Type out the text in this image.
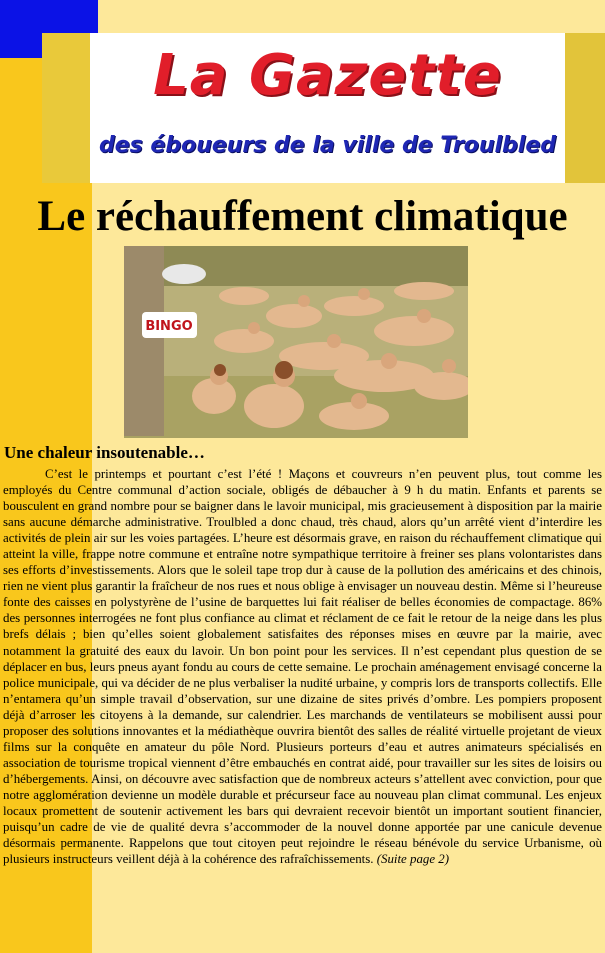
La Gazette
des éboueurs de la ville de Troulbled
Le réchauffement climatique
BINGO
Une chaleur insoutenable…

C’est le printemps et pourtant c’est l’été ! Maçons et couvreurs n’en peuvent plus, tout comme les employés du Centre communal d’action sociale, obligés de débaucher à 9 h du matin. Enfants et parents se bousculent en grand nombre pour se baigner dans le lavoir municipal, mis gracieusement à disposition par la mairie sans aucune démarche administrative. Troulbled a donc chaud, très chaud, alors qu’un arrêté vient d’interdire les activités de plein air sur les voies partagées. L’heure est désormais grave, en raison du réchauffement climatique qui atteint la ville, frappe notre commune et entraîne notre sympathique territoire à freiner ses plans volontaristes dans ses efforts d’investissements. Alors que le soleil tape trop dur à cause de la pollution des américains et des chinois, rien ne vient plus garantir la fraîcheur de nos rues et nous oblige à envisager un nouveau destin. Même si l’heureuse fonte des caisses en polystyrène de l’usine de barquettes lui fait réaliser de belles économies de compactage. 86% des personnes interrogées ne font plus confiance au climat et réclament de ce fait le retour de la neige dans les plus brefs délais ; bien qu’elles soient globalement satisfaites des réponses mises en œuvre par la mairie, avec notamment la gratuité des eaux du lavoir. Un bon point pour les services. Il n’est cependant plus question de se déplacer en bus, leurs pneus ayant fondu au cours de cette semaine. Le prochain aménagement envisagé concerne la police municipale, qui va décider de ne plus verbaliser la nudité urbaine, y compris lors de transports collectifs. Elle n’entamera qu’un simple travail d’observation, sur une dizaine de sites privés d’ombre. Les pompiers proposent déjà d’arroser les citoyens à la demande, sur calendrier. Les marchands de ventilateurs se mobilisent aussi pour proposer des solutions innovantes et la médiathèque ouvrira bientôt des salles de réalité virtuelle projetant de vieux films sur la conquête en amateur du pôle Nord. Plusieurs porteurs d’eau et autres animateurs spécialisés en association de tourisme tropical viennent d’être embauchés en contrat aidé, pour travailler sur les sites de loisirs ou d’hébergements. Ainsi, on découvre avec satisfaction que de nombreux acteurs s’attellent avec conviction, pour que notre agglomération devienne un modèle durable et précurseur face au nouveau plan climat communal. Les enjeux locaux promettent de soutenir activement les bars qui devraient recevoir bientôt un important soutient financier, puisqu’un cadre de vie de qualité devra s’accommoder de la nouvel donne apportée par une canicule devenue désormais permanente. Rappelons que tout citoyen peut rejoindre le réseau bénévole du service Urbanisme, où plusieurs instructeurs veillent déjà à la cohérence des rafraîchissements. (Suite page 2)
